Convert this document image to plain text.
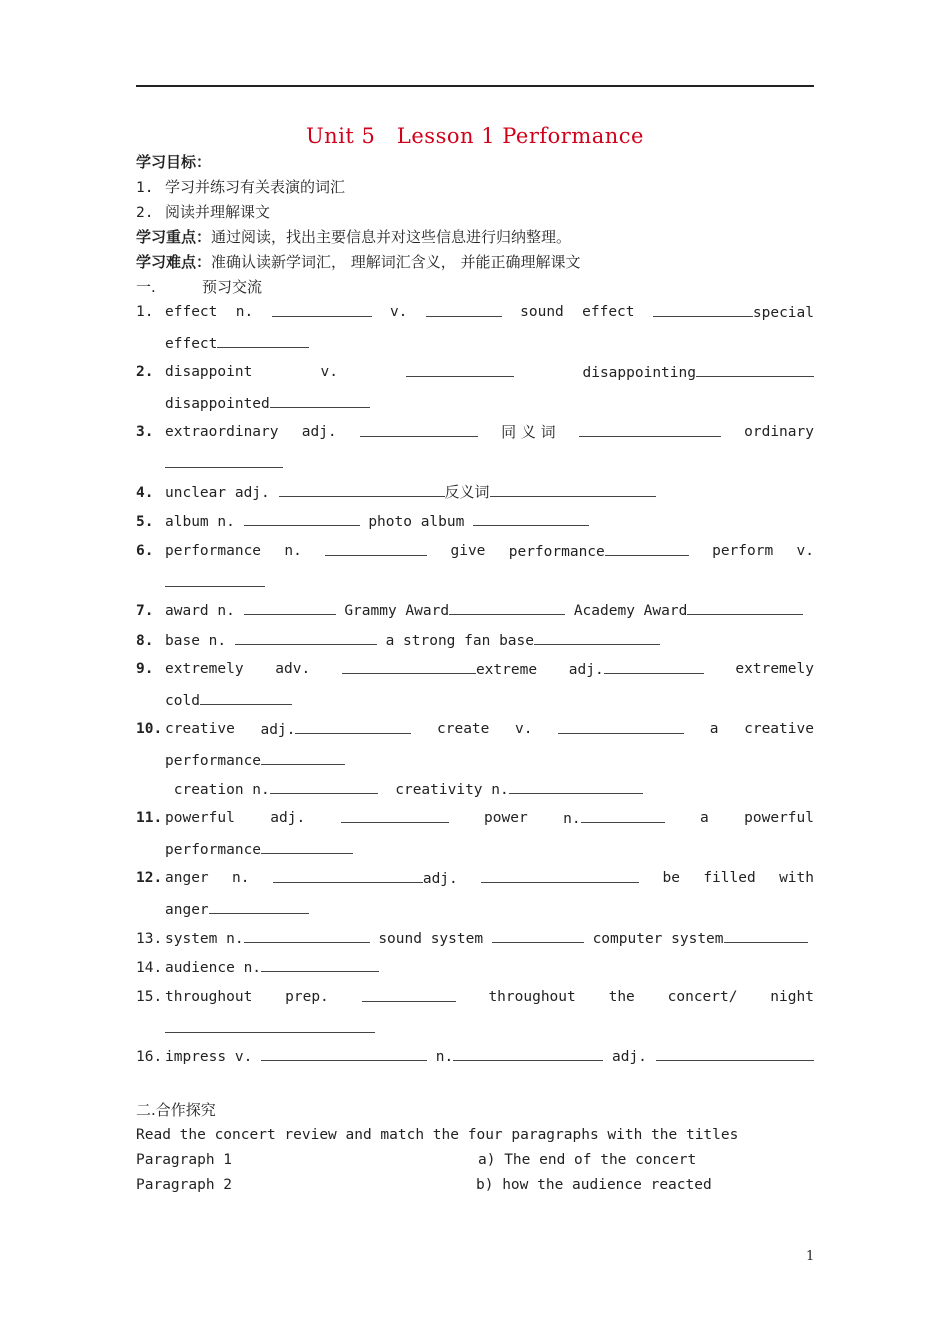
Unit 5   Lesson 1 Performance
学习目标：
1. 学习并练习有关表演的词汇
2. 阅读并理解课文
学习重点：通过阅读，找出主要信息并对这些信息进行归纳整理。
学习难点：准确认读新学词汇， 理解词汇含义， 并能正确理解课文
一.	预习交流
1. effect n.	v.	sound effect	special
effect
2. disappoint	v.	disappointing
disappointed
3. extraordinary adj.	同 义 词	ordinary
4. unclear adj.	反义词
5. album n.	photo album
6. performance n.	give performance	perform v.
7. award n.	Grammy Award	Academy Award
8. base n.	a strong fan base
9. extremely adv.	extreme adj.	extremely
cold
10. creative adj.	create v.	a creative
performance
creation n.	creativity n.
11. powerful adj.	power n.	a powerful
performance
12. anger n.	adj.	be filled with
anger
13. system n.	sound system	computer system
14. audience n.
15. throughout prep.	throughout the concert/ night
16. impress v.	n.	adj.
二.合作探究
Read the concert review and match the four paragraphs with the titles
Paragraph 1	a) The end of the concert
Paragraph 2	b) how the audience reacted
1
